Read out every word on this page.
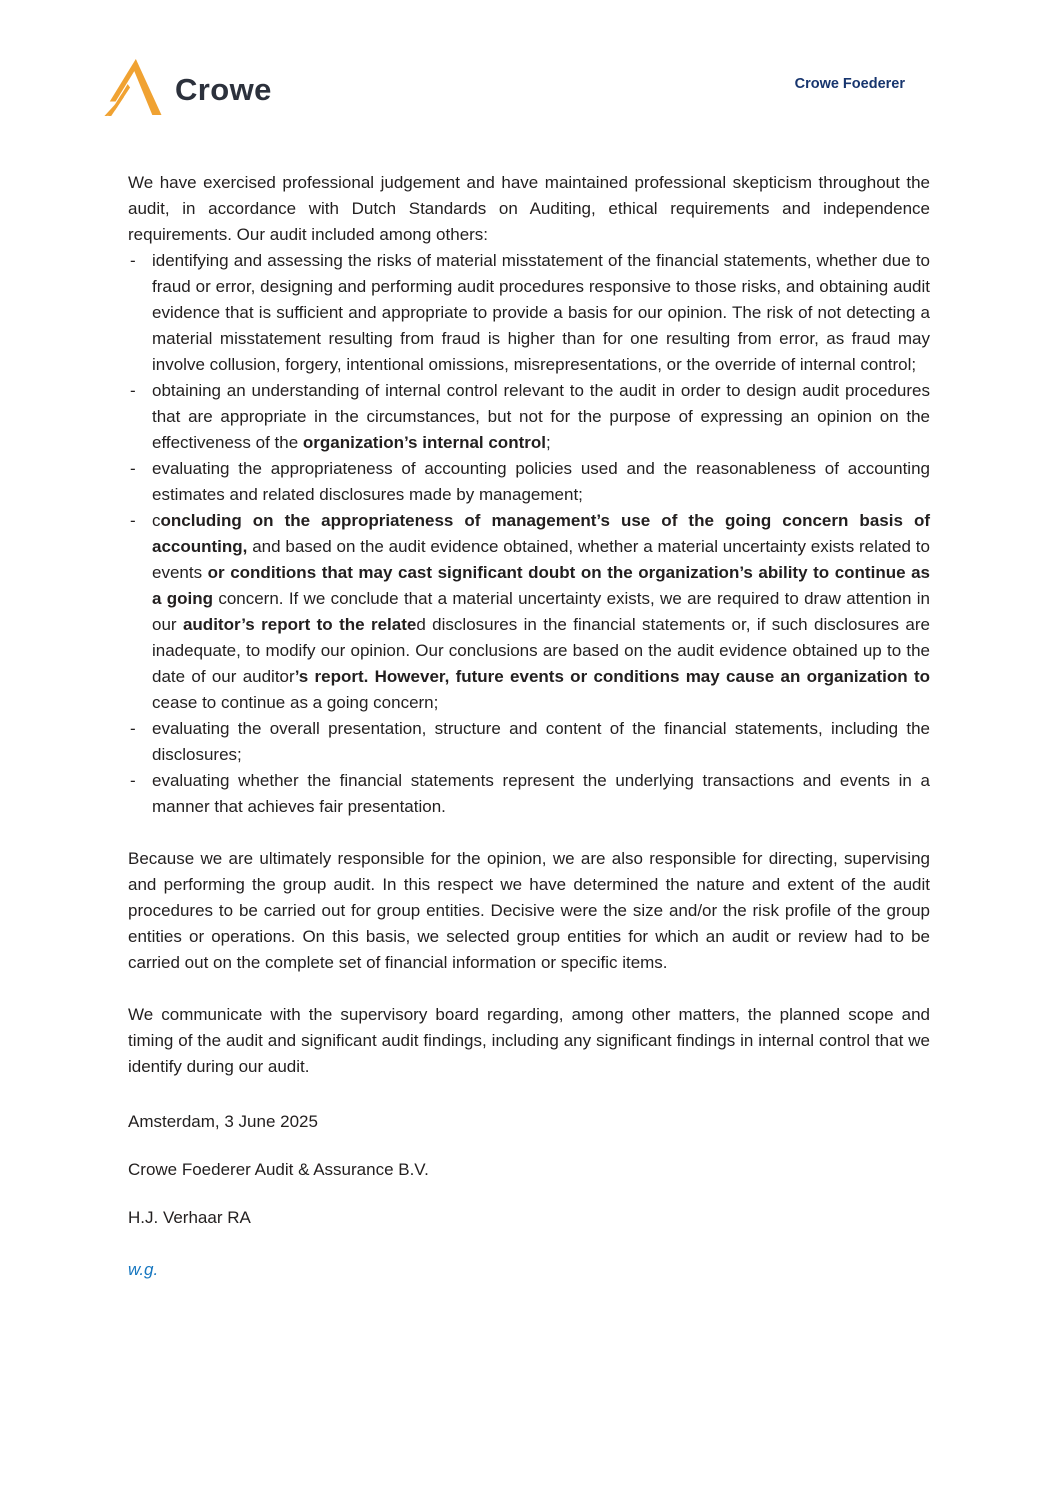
Crowe	Crowe Foederer

We have exercised professional judgement and have maintained professional skepticism throughout the audit, in accordance with Dutch Standards on Auditing, ethical requirements and independence requirements. Our audit included among others:

- identifying and assessing the risks of material misstatement of the financial statements, whether due to fraud or error, designing and performing audit procedures responsive to those risks, and obtaining audit evidence that is sufficient and appropriate to provide a basis for our opinion. The risk of not detecting a material misstatement resulting from fraud is higher than for one resulting from error, as fraud may involve collusion, forgery, intentional omissions, misrepresentations, or the override of internal control;
- obtaining an understanding of internal control relevant to the audit in order to design audit procedures that are appropriate in the circumstances, but not for the purpose of expressing an opinion on the effectiveness of the organization’s internal control;
- evaluating the appropriateness of accounting policies used and the reasonableness of accounting estimates and related disclosures made by management;
- concluding on the appropriateness of management’s use of the going concern basis of accounting, and based on the audit evidence obtained, whether a material uncertainty exists related to events or conditions that may cast significant doubt on the organization’s ability to continue as a going concern. If we conclude that a material uncertainty exists, we are required to draw attention in our auditor’s report to the related disclosures in the financial statements or, if such disclosures are inadequate, to modify our opinion. Our conclusions are based on the audit evidence obtained up to the date of our auditor’s report. However, future events or conditions may cause an organization to cease to continue as a going concern;
- evaluating the overall presentation, structure and content of the financial statements, including the disclosures;
- evaluating whether the financial statements represent the underlying transactions and events in a manner that achieves fair presentation.

Because we are ultimately responsible for the opinion, we are also responsible for directing, supervising and performing the group audit. In this respect we have determined the nature and extent of the audit procedures to be carried out for group entities. Decisive were the size and/or the risk profile of the group entities or operations. On this basis, we selected group entities for which an audit or review had to be carried out on the complete set of financial information or specific items.

We communicate with the supervisory board regarding, among other matters, the planned scope and timing of the audit and significant audit findings, including any significant findings in internal control that we identify during our audit.

Amsterdam, 3 June 2025

Crowe Foederer Audit & Assurance B.V.

H.J. Verhaar RA

w.g.
